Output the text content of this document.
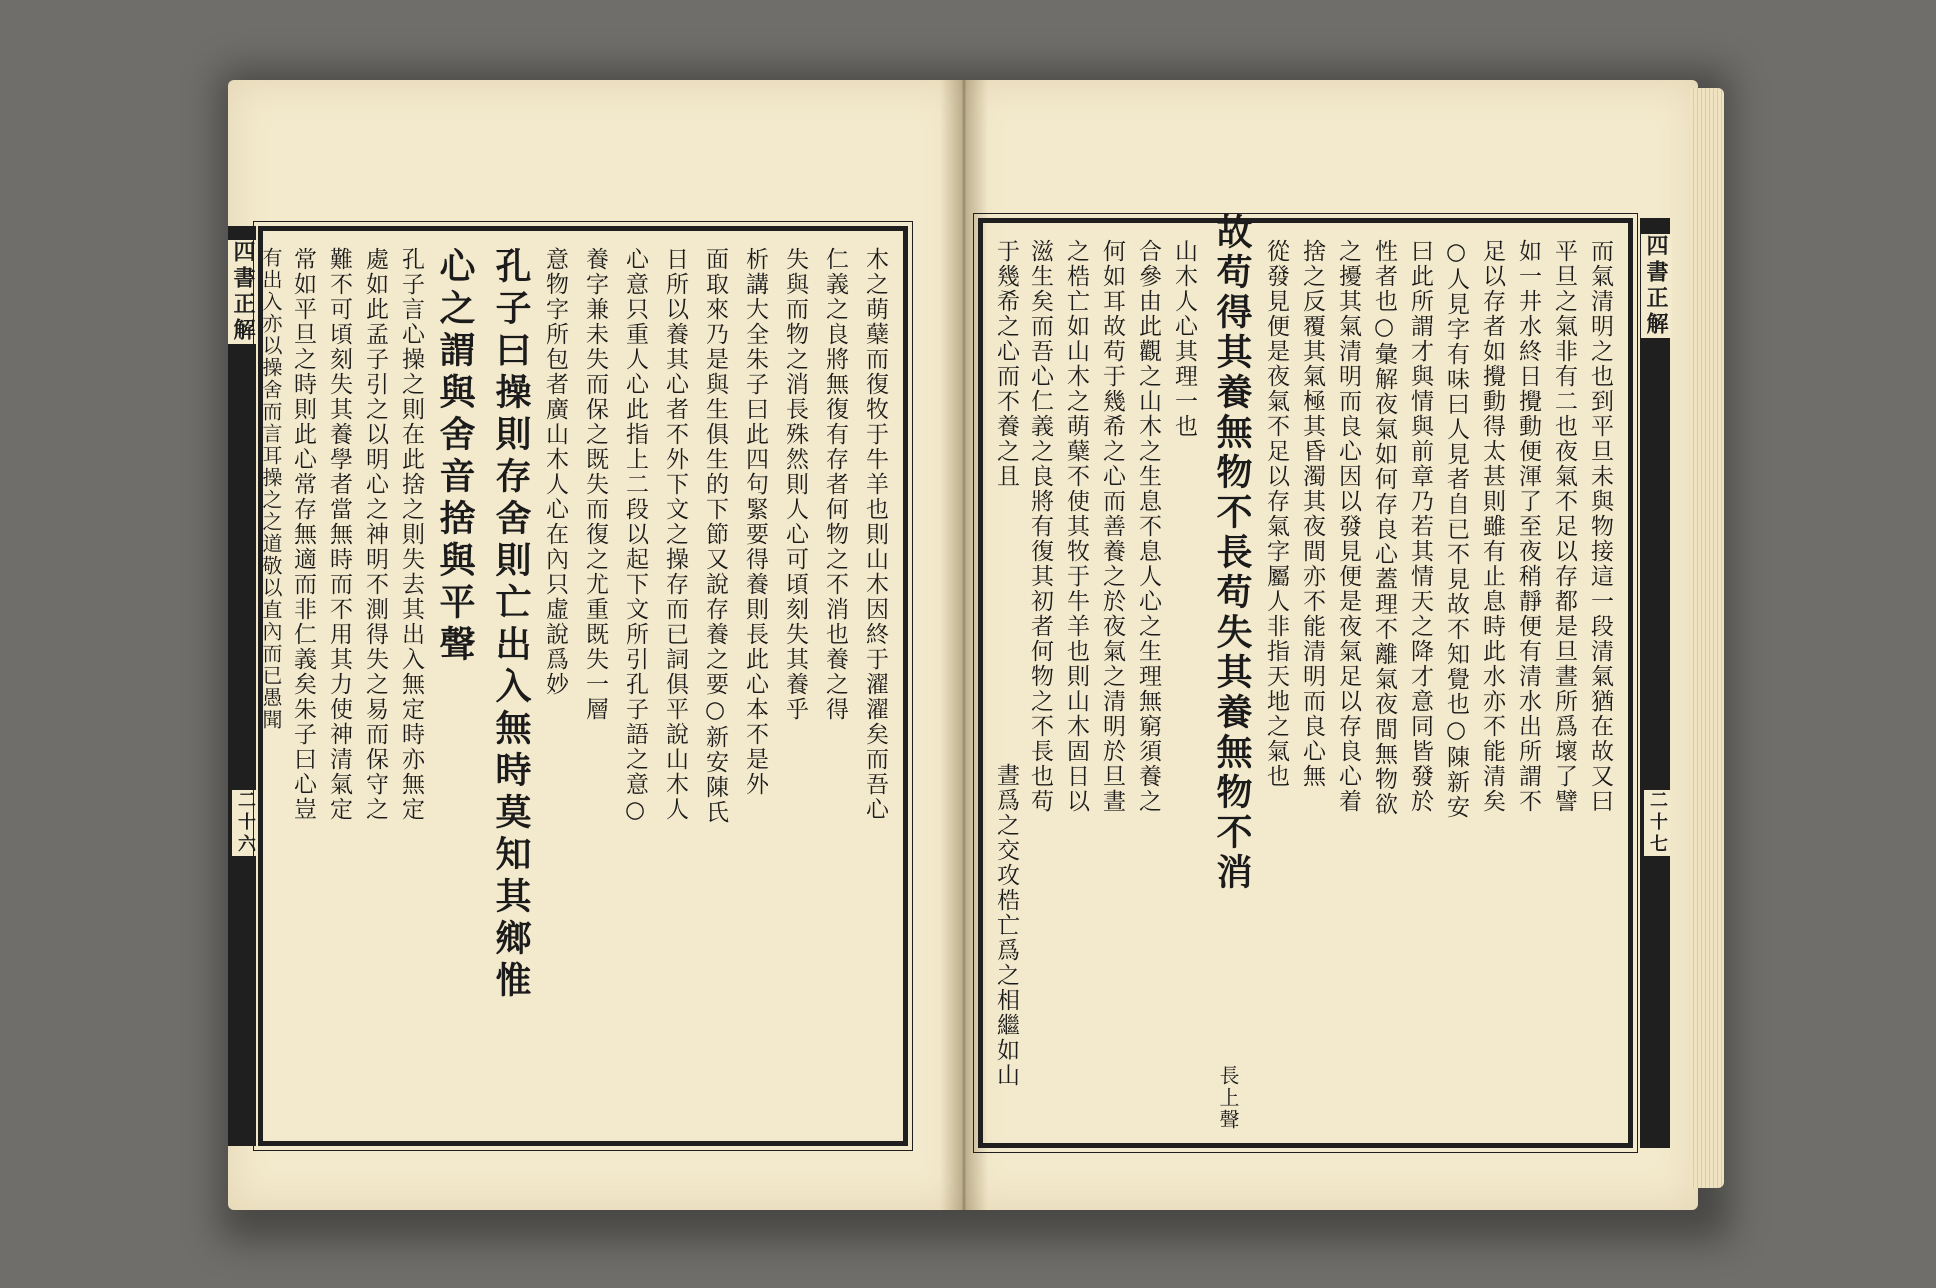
四書正解	四書正解
二十六	二十七
木之萌蘖而復牧于牛羊也則山木因終于濯濯矣而吾心
仁義之良將無復有存者何物之不消也養之得
失與而物之消長殊然則人心可頃刻失其養乎
析講大全朱子曰此四句緊要得養則長此心本不是外
面取來乃是與生俱生的下節又說存養之要○新安陳氏
日所以養其心者不外下文之操存而已詞俱平說山木人
心意只重人心此指上二段以起下文所引孔子語之意○
養字兼未失而保之既失而復之尤重既失一層
意物字所包者廣山木人心在內只虛說爲妙
孔子曰操則存舍則亡出入無時莫知其鄉惟
心之謂與舍音捨與平聲
孔子言心操之則在此捨之則失去其出入無定時亦無定
處如此孟子引之以明心之神明不測得失之易而保守之
難不可頃刻失其養學者當無時而不用其力使神清氣定
常如平旦之時則此心常存無適而非仁義矣朱子曰心豈
有出入亦以操舍而言耳操之之道敬以直內而已愚聞	而氣清明之也到平旦未與物接這一段清氣猶在故又曰
平旦之氣非有二也夜氣不足以存都是旦晝所爲壞了譬
如一井水終日攪動便渾了至夜稍靜便有清水出所謂不
足以存者如攪動得太甚則雖有止息時此水亦不能清矣
○人見字有味曰人見者自已不見故不知覺也○陳新安
曰此所謂才與情與前章乃若其情天之降才意同皆發於
性者也○彙解夜氣如何存良心蓋理不離氣夜間無物欲
之擾其氣清明而良心因以發見便是夜氣足以存良心着
捨之反覆其氣極其昏濁其夜間亦不能清明而良心無
從發見便是夜氣不足以存氣字屬人非指天地之氣也
故苟得其養無物不長苟失其養無物不消
長上聲
山木人心其理一也
合參由此觀之山木之生息不息人心之生理無窮須養之
何如耳故苟于幾希之心而善養之於夜氣之清明於旦晝
之梏亡如山木之萌蘖不使其牧于牛羊也則山木固日以
滋生矣而吾心仁義之良將有復其初者何物之不長也苟
于幾希之心而不養之且
晝爲之交攻梏亡爲之相繼如山
